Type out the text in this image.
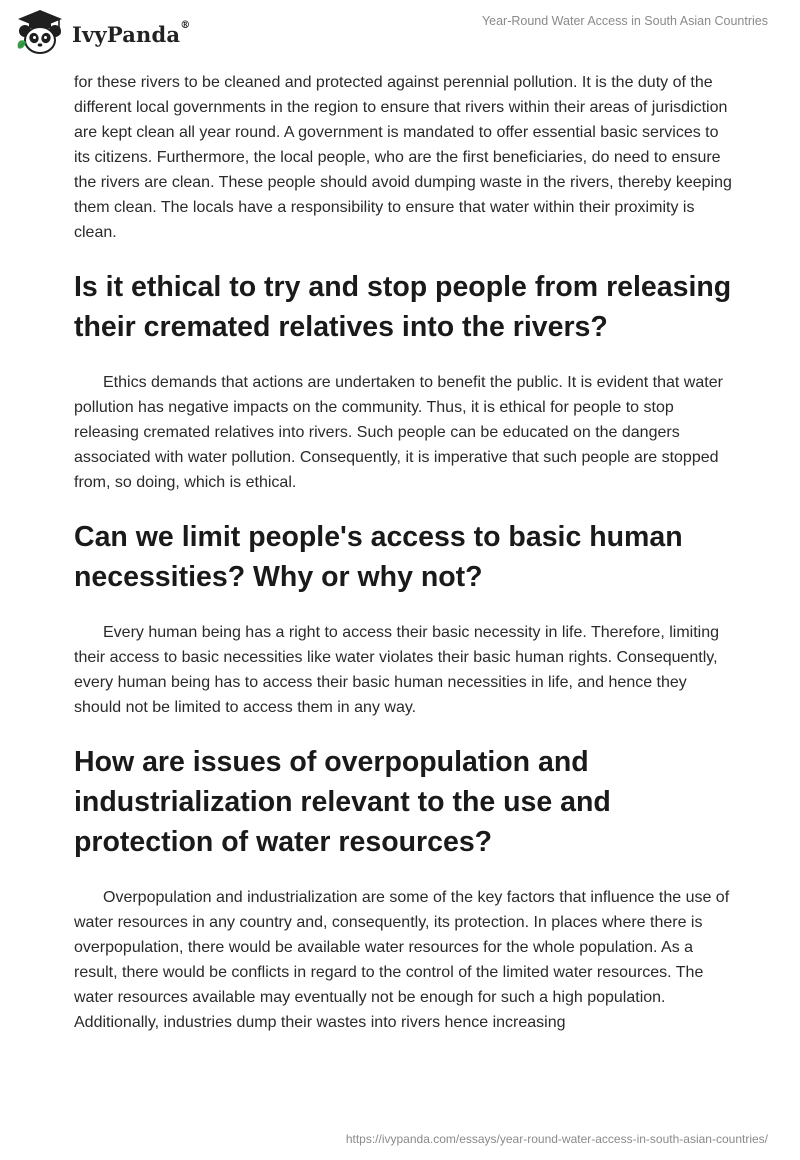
IvyPanda®	Year-Round Water Access in South Asian Countries

for these rivers to be cleaned and protected against perennial pollution. It is the duty of the different local governments in the region to ensure that rivers within their areas of jurisdiction are kept clean all year round. A government is mandated to offer essential basic services to its citizens. Furthermore, the local people, who are the first beneficiaries, do need to ensure the rivers are clean. These people should avoid dumping waste in the rivers, thereby keeping them clean. The locals have a responsibility to ensure that water within their proximity is clean.

Is it ethical to try and stop people from releasing their cremated relatives into the rivers?

Ethics demands that actions are undertaken to benefit the public. It is evident that water pollution has negative impacts on the community. Thus, it is ethical for people to stop releasing cremated relatives into rivers. Such people can be educated on the dangers associated with water pollution. Consequently, it is imperative that such people are stopped from, so doing, which is ethical.

Can we limit people's access to basic human necessities? Why or why not?

Every human being has a right to access their basic necessity in life. Therefore, limiting their access to basic necessities like water violates their basic human rights. Consequently, every human being has to access their basic human necessities in life, and hence they should not be limited to access them in any way.

How are issues of overpopulation and industrialization relevant to the use and protection of water resources?

Overpopulation and industrialization are some of the key factors that influence the use of water resources in any country and, consequently, its protection. In places where there is overpopulation, there would be available water resources for the whole population. As a result, there would be conflicts in regard to the control of the limited water resources. The water resources available may eventually not be enough for such a high population. Additionally, industries dump their wastes into rivers hence increasing

https://ivypanda.com/essays/year-round-water-access-in-south-asian-countries/
